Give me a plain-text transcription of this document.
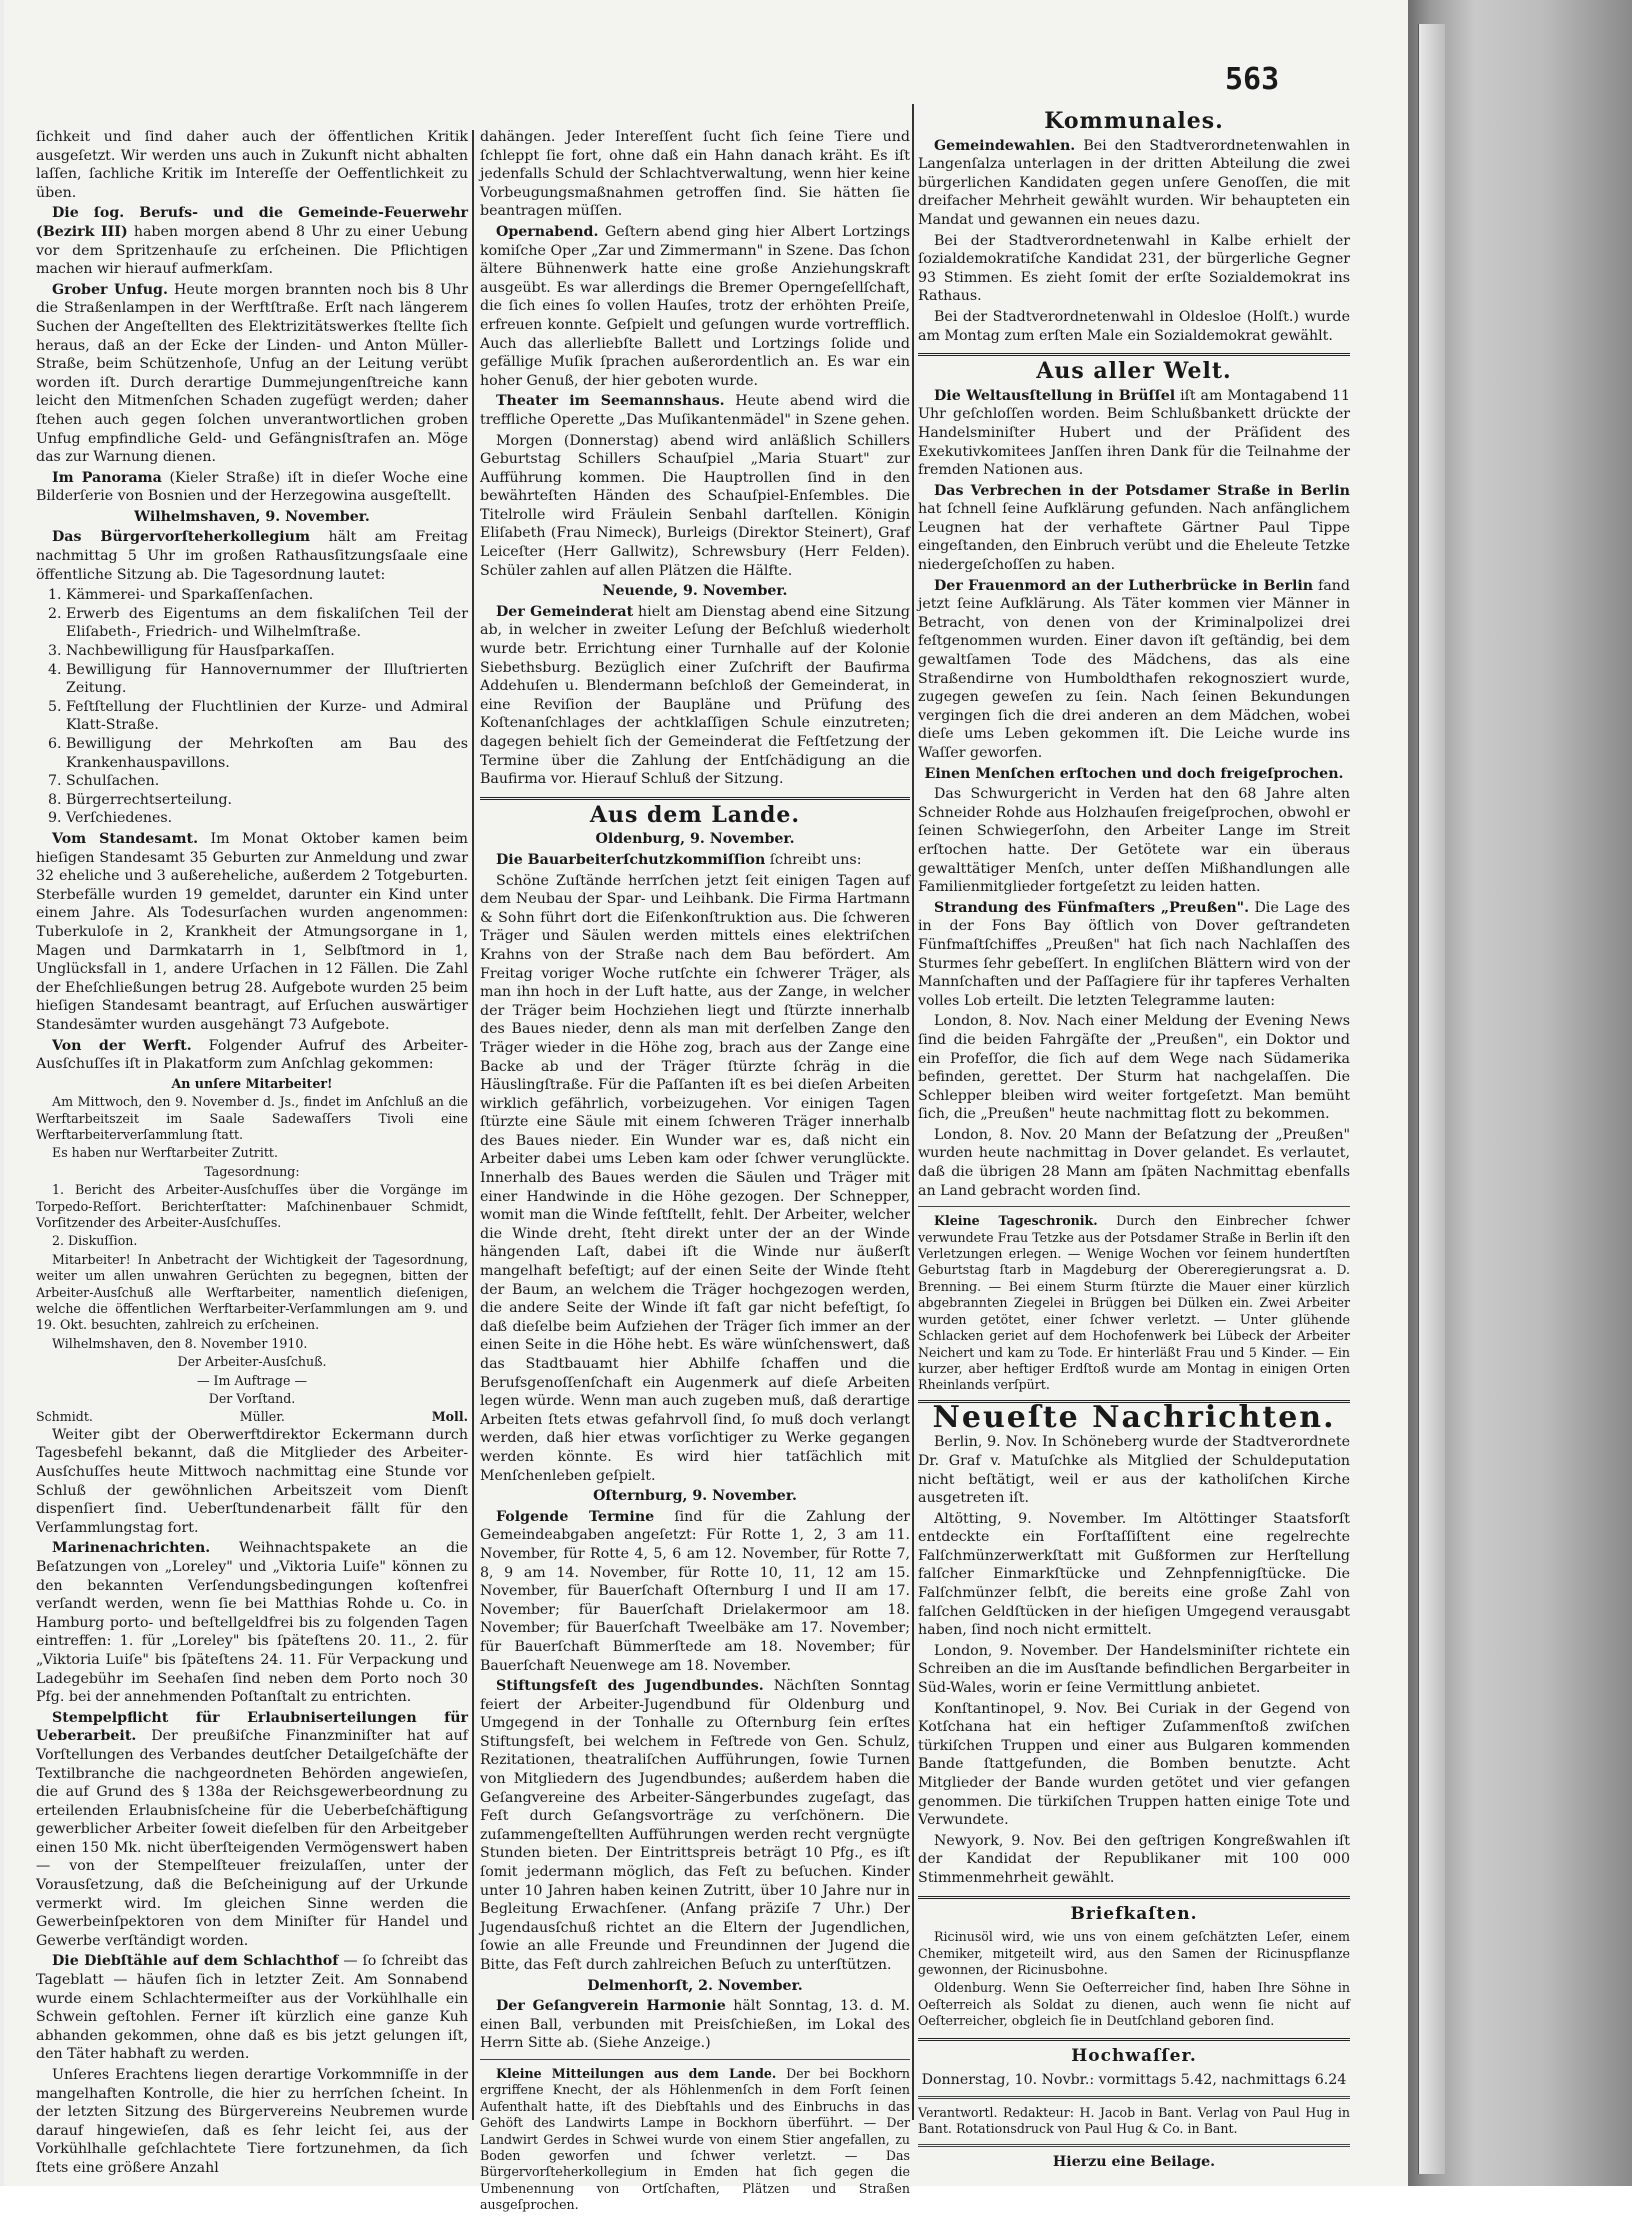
563

ſichkeit und ſind daher auch der öffentlichen Kritik ausgeſetzt. Wir werden uns auch in Zukunft nicht abhalten laſſen, ſachliche Kritik im Intereſſe der Oeffentlichkeit zu üben.

Die ſog. Berufs- und die Gemeinde-Feuerwehr (Bezirk III) haben morgen abend 8 Uhr zu einer Uebung vor dem Spritzenhauſe zu erſcheinen. Die Pflichtigen machen wir hierauf aufmerkſam.

Grober Unfug. Heute morgen brannten noch bis 8 Uhr die Straßenlampen in der Werftſtraße. Erſt nach längerem Suchen der Angeſtellten des Elektrizitätswerkes ſtellte ſich heraus, daß an der Ecke der Linden- und Anton Müller-Straße, beim Schützenhoſe, Unfug an der Leitung verübt worden iſt. Durch derartige Dummejungenſtreiche kann leicht den Mitmenſchen Schaden zugefügt werden; daher ſtehen auch gegen ſolchen unverantwortlichen groben Unfug empfindliche Geld- und Gefängnisſtrafen an. Möge das zur Warnung dienen.

Im Panorama (Kieler Straße) iſt in dieſer Woche eine Bilderſerie von Bosnien und der Herzegowina ausgeſtellt.

Wilhelmshaven, 9. November.

Das Bürgervorſteherkollegium hält am Freitag nachmittag 5 Uhr im großen Rathausſitzungsſaale eine öffentliche Sitzung ab. Die Tagesordnung lautet:

1. Kämmerei- und Sparkaſſenſachen.
2. Erwerb des Eigentums an dem fiskaliſchen Teil der Eliſabeth-, Friedrich- und Wilhelmſtraße.
3. Nachbewilligung für Hausſparkaſſen.
4. Bewilligung für Hannovernummer der Illuſtrierten Zeitung.
5. Feſtſtellung der Fluchtlinien der Kurze- und Admiral Klatt-Straße.
6. Bewilligung der Mehrkoſten am Bau des Krankenhauspavillons.
7. Schulſachen.
8. Bürgerrechtserteilung.
9. Verſchiedenes.

Vom Standesamt. Im Monat Oktober kamen beim hieſigen Standesamt 35 Geburten zur Anmeldung und zwar 32 eheliche und 3 außereheliche, außerdem 2 Totgeburten. Sterbefälle wurden 19 gemeldet, darunter ein Kind unter einem Jahre. Als Todesurſachen wurden angenommen: Tuberkuloſe in 2, Krankheit der Atmungsorgane in 1, Magen und Darmkatarrh in 1, Selbſtmord in 1, Unglücksfall in 1, andere Urſachen in 12 Fällen. Die Zahl der Eheſchließungen betrug 28. Aufgebote wurden 25 beim hieſigen Standesamt beantragt, auf Erſuchen auswärtiger Standesämter wurden ausgehängt 73 Aufgebote.

Von der Werft. Folgender Aufruf des Arbeiter-Ausſchuſſes iſt in Plakatform zum Anſchlag gekommen:

An unſere Mitarbeiter!

Am Mittwoch, den 9. November d. Js., findet im Anſchluß an die Werftarbeitszeit im Saale Sadewaſſers Tivoli eine Werftarbeiterverſammlung ſtatt.

Es haben nur Werftarbeiter Zutritt.

Tagesordnung:

1. Bericht des Arbeiter-Ausſchuſſes über die Vorgänge im Torpedo-Reſſort. Berichterſtatter: Maſchinenbauer Schmidt, Vorſitzender des Arbeiter-Ausſchuſſes.

2. Diskuſſion.

Mitarbeiter! In Anbetracht der Wichtigkeit der Tagesordnung, weiter um allen unwahren Gerüchten zu begegnen, bitten der Arbeiter-Ausſchuß alle Werftarbeiter, namentlich dieſenigen, welche die öffentlichen Werftarbeiter-Verſammlungen am 9. und 19. Okt. besuchten, zahlreich zu erſcheinen.

Wilhelmshaven, den 8. November 1910.

Der Arbeiter-Ausſchuß.

— Im Auftrage —

Der Vorſtand.

Schmidt.	Müller.	Moll.

Weiter gibt der Oberwerftdirektor Eckermann durch Tagesbefehl bekannt, daß die Mitglieder des Arbeiter-Ausſchuſſes heute Mittwoch nachmittag eine Stunde vor Schluß der gewöhnlichen Arbeitszeit vom Dienſt dispenſiert ſind. Ueberſtundenarbeit fällt für den Verſammlungstag fort.

Marinenachrichten. Weihnachtspakete an die Beſatzungen von „Loreley" und „Viktoria Luiſe" können zu den bekannten Verſendungsbedingungen koſtenfrei verſandt werden, wenn ſie bei Matthias Rohde u. Co. in Hamburg porto- und beſtellgeldfrei bis zu folgenden Tagen eintreffen: 1. für „Loreley" bis ſpäteſtens 20. 11., 2. für „Viktoria Luiſe" bis ſpäteſtens 24. 11. Für Verpackung und Ladegebühr im Seehaſen ſind neben dem Porto noch 30 Pfg. bei der annehmenden Poſtanſtalt zu entrichten.

Stempelpflicht für Erlaubniserteilungen für Ueberarbeit. Der preußiſche Finanzminiſter hat auf Vorſtellungen des Verbandes deutſcher Detailgeſchäfte der Textilbranche die nachgeordneten Behörden angewieſen, die auf Grund des § 138a der Reichsgewerbeordnung zu erteilenden Erlaubnisſcheine für die Ueberbeſchäftigung gewerblicher Arbeiter ſoweit dieſelben für den Arbeitgeber einen 150 Mk. nicht überſteigenden Vermögenswert haben — von der Stempelſteuer freizulaſſen, unter der Vorausſetzung, daß die Beſcheinigung auf der Urkunde vermerkt wird. Im gleichen Sinne werden die Gewerbeinſpektoren von dem Miniſter für Handel und Gewerbe verſtändigt worden.

Die Diebſtähle auf dem Schlachthof — ſo ſchreibt das Tageblatt — häufen ſich in letzter Zeit. Am Sonnabend wurde einem Schlachtermeiſter aus der Vorkühlhalle ein Schwein geſtohlen. Ferner iſt kürzlich eine ganze Kuh abhanden gekommen, ohne daß es bis jetzt gelungen iſt, den Täter habhaft zu werden.

Unſeres Erachtens liegen derartige Vorkommniſſe in der mangelhaften Kontrolle, die hier zu herrſchen ſcheint. In der letzten Sitzung des Bürgervereins Neubremen wurde darauf hingewieſen, daß es ſehr leicht ſei, aus der Vorkühlhalle geſchlachtete Tiere fortzunehmen, da ſich ſtets eine größere Anzahl

dahängen. Jeder Intereſſent ſucht ſich ſeine Tiere und ſchleppt ſie fort, ohne daß ein Hahn danach kräht. Es iſt jedenfalls Schuld der Schlachtverwaltung, wenn hier keine Vorbeugungsmaßnahmen getroffen ſind. Sie hätten ſie beantragen müſſen.

Opernabend. Geſtern abend ging hier Albert Lortzings komiſche Oper „Zar und Zimmermann" in Szene. Das ſchon ältere Bühnenwerk hatte eine große Anziehungskraft ausgeübt. Es war allerdings die Bremer Operngeſellſchaft, die ſich eines ſo vollen Hauſes, trotz der erhöhten Preiſe, erfreuen konnte. Geſpielt und geſungen wurde vortrefflich. Auch das allerliebſte Ballett und Lortzings ſolide und gefällige Muſik ſprachen außerordentlich an. Es war ein hoher Genuß, der hier geboten wurde.

Theater im Seemannshaus. Heute abend wird die treffliche Operette „Das Muſikantenmädel" in Szene gehen.

Morgen (Donnerstag) abend wird anläßlich Schillers Geburtstag Schillers Schauſpiel „Maria Stuart" zur Aufführung kommen. Die Hauptrollen ſind in den bewährteſten Händen des Schauſpiel-Enſembles. Die Titelrolle wird Fräulein Senbahl darſtellen. Königin Eliſabeth (Frau Nimeck), Burleigs (Direktor Steinert), Graf Leiceſter (Herr Gallwitz), Schrewsbury (Herr Felden). Schüler zahlen auf allen Plätzen die Hälfte.

Neuende, 9. November.

Der Gemeinderat hielt am Dienstag abend eine Sitzung ab, in welcher in zweiter Leſung der Beſchluß wiederholt wurde betr. Errichtung einer Turnhalle auf der Kolonie Siebethsburg. Bezüglich einer Zuſchrift der Baufirma Addehuſen u. Blendermann beſchloß der Gemeinderat, in eine Reviſion der Baupläne und Prüfung des Koſtenanſchlages der achtklaſſigen Schule einzutreten; dagegen behielt ſich der Gemeinderat die Feſtſetzung der Termine über die Zahlung der Entſchädigung an die Baufirma vor. Hierauf Schluß der Sitzung.

Aus dem Lande.

Oldenburg, 9. November.

Die Bauarbeiterſchutzkommiſſion ſchreibt uns:

Schöne Zuſtände herrſchen jetzt ſeit einigen Tagen auf dem Neubau der Spar- und Leihbank. Die Firma Hartmann & Sohn führt dort die Eiſenkonſtruktion aus. Die ſchweren Träger und Säulen werden mittels eines elektriſchen Krahns von der Straße nach dem Bau befördert. Am Freitag voriger Woche rutſchte ein ſchwerer Träger, als man ihn hoch in der Luft hatte, aus der Zange, in welcher der Träger beim Hochziehen liegt und ſtürzte innerhalb des Baues nieder, denn als man mit derſelben Zange den Träger wieder in die Höhe zog, brach aus der Zange eine Backe ab und der Träger ſtürzte ſchräg in die Häuslingſtraße. Für die Paſſanten iſt es bei dieſen Arbeiten wirklich gefährlich, vorbeizugehen. Vor einigen Tagen ſtürzte eine Säule mit einem ſchweren Träger innerhalb des Baues nieder. Ein Wunder war es, daß nicht ein Arbeiter dabei ums Leben kam oder ſchwer verunglückte. Innerhalb des Baues werden die Säulen und Träger mit einer Handwinde in die Höhe gezogen. Der Schnepper, womit man die Winde feſtſtellt, fehlt. Der Arbeiter, welcher die Winde dreht, ſteht direkt unter der an der Winde hängenden Laſt, dabei iſt die Winde nur äußerſt mangelhaft befeſtigt; auf der einen Seite der Winde ſteht der Baum, an welchem die Träger hochgezogen werden, die andere Seite der Winde iſt faſt gar nicht befeſtigt, ſo daß dieſelbe beim Aufziehen der Träger ſich immer an der einen Seite in die Höhe hebt. Es wäre wünſchenswert, daß das Stadtbauamt hier Abhilfe ſchaffen und die Berufsgenoſſenſchaft ein Augenmerk auf dieſe Arbeiten legen würde. Wenn man auch zugeben muß, daß derartige Arbeiten ſtets etwas gefahrvoll ſind, ſo muß doch verlangt werden, daß hier etwas vorſichtiger zu Werke gegangen werden könnte. Es wird hier tatſächlich mit Menſchenleben geſpielt.

Oſternburg, 9. November.

Folgende Termine ſind für die Zahlung der Gemeindeabgaben angeſetzt: Für Rotte 1, 2, 3 am 11. November, für Rotte 4, 5, 6 am 12. November, für Rotte 7, 8, 9 am 14. November, für Rotte 10, 11, 12 am 15. November, für Bauerſchaft Oſternburg I und II am 17. November; für Bauerſchaft Drielakermoor am 18. November; für Bauerſchaft Tweelbäke am 17. November; für Bauerſchaft Bümmerſtede am 18. November; für Bauerſchaft Neuenwege am 18. November.

Stiftungsfeſt des Jugendbundes. Nächſten Sonntag feiert der Arbeiter-Jugendbund für Oldenburg und Umgegend in der Tonhalle zu Oſternburg ſein erſtes Stiftungsfeſt, bei welchem in Feſtrede von Gen. Schulz, Rezitationen, theatraliſchen Aufführungen, ſowie Turnen von Mitgliedern des Jugendbundes; außerdem haben die Geſangvereine des Arbeiter-Sängerbundes zugeſagt, das Feſt durch Geſangsvorträge zu verſchönern. Die zuſammengeſtellten Aufführungen werden recht vergnügte Stunden bieten. Der Eintrittspreis beträgt 10 Pfg., es iſt ſomit jedermann möglich, das Feſt zu beſuchen. Kinder unter 10 Jahren haben keinen Zutritt, über 10 Jahre nur in Begleitung Erwachſener. (Anfang präziſe 7 Uhr.) Der Jugendausſchuß richtet an die Eltern der Jugendlichen, ſowie an alle Freunde und Freundinnen der Jugend die Bitte, das Feſt durch zahlreichen Beſuch zu unterſtützen.

Delmenhorſt, 2. November.

Der Geſangverein Harmonie hält Sonntag, 13. d. M. einen Ball, verbunden mit Preisſchießen, im Lokal des Herrn Sitte ab. (Siehe Anzeige.)

Kleine Mitteilungen aus dem Lande. Der bei Bockhorn ergriffene Knecht, der als Höhlenmenſch in dem Forſt ſeinen Aufenthalt hatte, iſt des Diebſtahls und des Einbruchs in das Gehöft des Landwirts Lampe in Bockhorn überführt. — Der Landwirt Gerdes in Schwei wurde von einem Stier angefallen, zu Boden geworfen und ſchwer verletzt. — Das Bürgervorſteherkollegium in Emden hat ſich gegen die Umbenennung von Ortſchaften, Plätzen und Straßen ausgeſprochen.

Kommunales.

Gemeindewahlen. Bei den Stadtverordnetenwahlen in Langenſalza unterlagen in der dritten Abteilung die zwei bürgerlichen Kandidaten gegen unſere Genoſſen, die mit dreifacher Mehrheit gewählt wurden. Wir behaupteten ein Mandat und gewannen ein neues dazu.

Bei der Stadtverordnetenwahl in Kalbe erhielt der ſozialdemokratiſche Kandidat 231, der bürgerliche Gegner 93 Stimmen. Es zieht ſomit der erſte Sozialdemokrat ins Rathaus.

Bei der Stadtverordnetenwahl in Oldesloe (Holſt.) wurde am Montag zum erſten Male ein Sozialdemokrat gewählt.

Aus aller Welt.

Die Weltausſtellung in Brüſſel iſt am Montagabend 11 Uhr geſchloſſen worden. Beim Schlußbankett drückte der Handelsminiſter Hubert und der Präſident des Exekutivkomitees Janſſen ihren Dank für die Teilnahme der fremden Nationen aus.

Das Verbrechen in der Potsdamer Straße in Berlin hat ſchnell ſeine Aufklärung gefunden. Nach anfänglichem Leugnen hat der verhaftete Gärtner Paul Tippe eingeſtanden, den Einbruch verübt und die Eheleute Tetzke niedergeſchoſſen zu haben.

Der Frauenmord an der Lutherbrücke in Berlin fand jetzt ſeine Aufklärung. Als Täter kommen vier Männer in Betracht, von denen von der Kriminalpolizei drei feſtgenommen wurden. Einer davon iſt geſtändig, bei dem gewaltſamen Tode des Mädchens, das als eine Straßendirne von Humboldthafen rekognosziert wurde, zugegen geweſen zu ſein. Nach ſeinen Bekundungen vergingen ſich die drei anderen an dem Mädchen, wobei dieſe ums Leben gekommen iſt. Die Leiche wurde ins Waſſer geworfen.

Einen Menſchen erſtochen und doch freigeſprochen.

Das Schwurgericht in Verden hat den 68 Jahre alten Schneider Rohde aus Holzhauſen freigeſprochen, obwohl er ſeinen Schwiegerſohn, den Arbeiter Lange im Streit erſtochen hatte. Der Getötete war ein überaus gewalttätiger Menſch, unter deſſen Mißhandlungen alle Familienmitglieder fortgeſetzt zu leiden hatten.

Strandung des Fünfmaſters „Preußen". Die Lage des in der Fons Bay öſtlich von Dover geſtrandeten Fünfmaſtſchiffes „Preußen" hat ſich nach Nachlaſſen des Sturmes ſehr gebeſſert. In engliſchen Blättern wird von der Mannſchaften und der Paſſagiere für ihr tapferes Verhalten volles Lob erteilt. Die letzten Telegramme lauten:

London, 8. Nov. Nach einer Meldung der Evening News ſind die beiden Fahrgäſte der „Preußen", ein Doktor und ein Profeſſor, die ſich auf dem Wege nach Südamerika befinden, gerettet. Der Sturm hat nachgelaſſen. Die Schlepper bleiben wird weiter fortgeſetzt. Man bemüht ſich, die „Preußen" heute nachmittag flott zu bekommen.

London, 8. Nov. 20 Mann der Beſatzung der „Preußen" wurden heute nachmittag in Dover gelandet. Es verlautet, daß die übrigen 28 Mann am ſpäten Nachmittag ebenfalls an Land gebracht worden ſind.

Kleine Tageschronik. Durch den Einbrecher ſchwer verwundete Frau Tetzke aus der Potsdamer Straße in Berlin iſt den Verletzungen erlegen. — Wenige Wochen vor ſeinem hundertſten Geburtstag ſtarb in Magdeburg der Obereregierungsrat a. D. Brenning. — Bei einem Sturm ſtürzte die Mauer einer kürzlich abgebrannten Ziegelei in Brüggen bei Dülken ein. Zwei Arbeiter wurden getötet, einer ſchwer verletzt. — Unter glühende Schlacken geriet auf dem Hochofenwerk bei Lübeck der Arbeiter Neichert und kam zu Tode. Er hinterläßt Frau und 5 Kinder. — Ein kurzer, aber heftiger Erdſtoß wurde am Montag in einigen Orten Rheinlands verſpürt.

Neueſte Nachrichten.

Berlin, 9. Nov. In Schöneberg wurde der Stadtverordnete Dr. Graf v. Matuſchke als Mitglied der Schuldeputation nicht beſtätigt, weil er aus der katholiſchen Kirche ausgetreten iſt.

Altötting, 9. November. Im Altöttinger Staatsforſt entdeckte ein Forſtaſſiſtent eine regelrechte Falſchmünzerwerkſtatt mit Gußformen zur Herſtellung falſcher Einmarkſtücke und Zehnpfennigſtücke. Die Falſchmünzer ſelbſt, die bereits eine große Zahl von falſchen Geldſtücken in der hieſigen Umgegend verausgabt haben, ſind noch nicht ermittelt.

London, 9. November. Der Handelsminiſter richtete ein Schreiben an die im Ausſtande befindlichen Bergarbeiter in Süd-Wales, worin er ſeine Vermittlung anbietet.

Konſtantinopel, 9. Nov. Bei Curiak in der Gegend von Kotſchana hat ein heftiger Zuſammenſtoß zwiſchen türkiſchen Truppen und einer aus Bulgaren kommenden Bande ſtattgefunden, die Bomben benutzte. Acht Mitglieder der Bande wurden getötet und vier gefangen genommen. Die türkiſchen Truppen hatten einige Tote und Verwundete.

Newyork, 9. Nov. Bei den geſtrigen Kongreßwahlen iſt der Kandidat der Republikaner mit 100 000 Stimmenmehrheit gewählt.

Briefkaſten.

Ricinusöl wird, wie uns von einem geſchätzten Leſer, einem Chemiker, mitgeteilt wird, aus den Samen der Ricinuspflanze gewonnen, der Ricinusbohne.

Oldenburg. Wenn Sie Oeſterreicher ſind, haben Ihre Söhne in Oeſterreich als Soldat zu dienen, auch wenn ſie nicht auf Oeſterreicher, obgleich ſie in Deutſchland geboren ſind.

Hochwaſſer.

Donnerstag, 10. Novbr.: vormittags 5.42, nachmittags 6.24

Verantwortl. Redakteur: H. Jacob in Bant. Verlag von Paul Hug in Bant. Rotationsdruck von Paul Hug & Co. in Bant.

Hierzu eine Beilage.
